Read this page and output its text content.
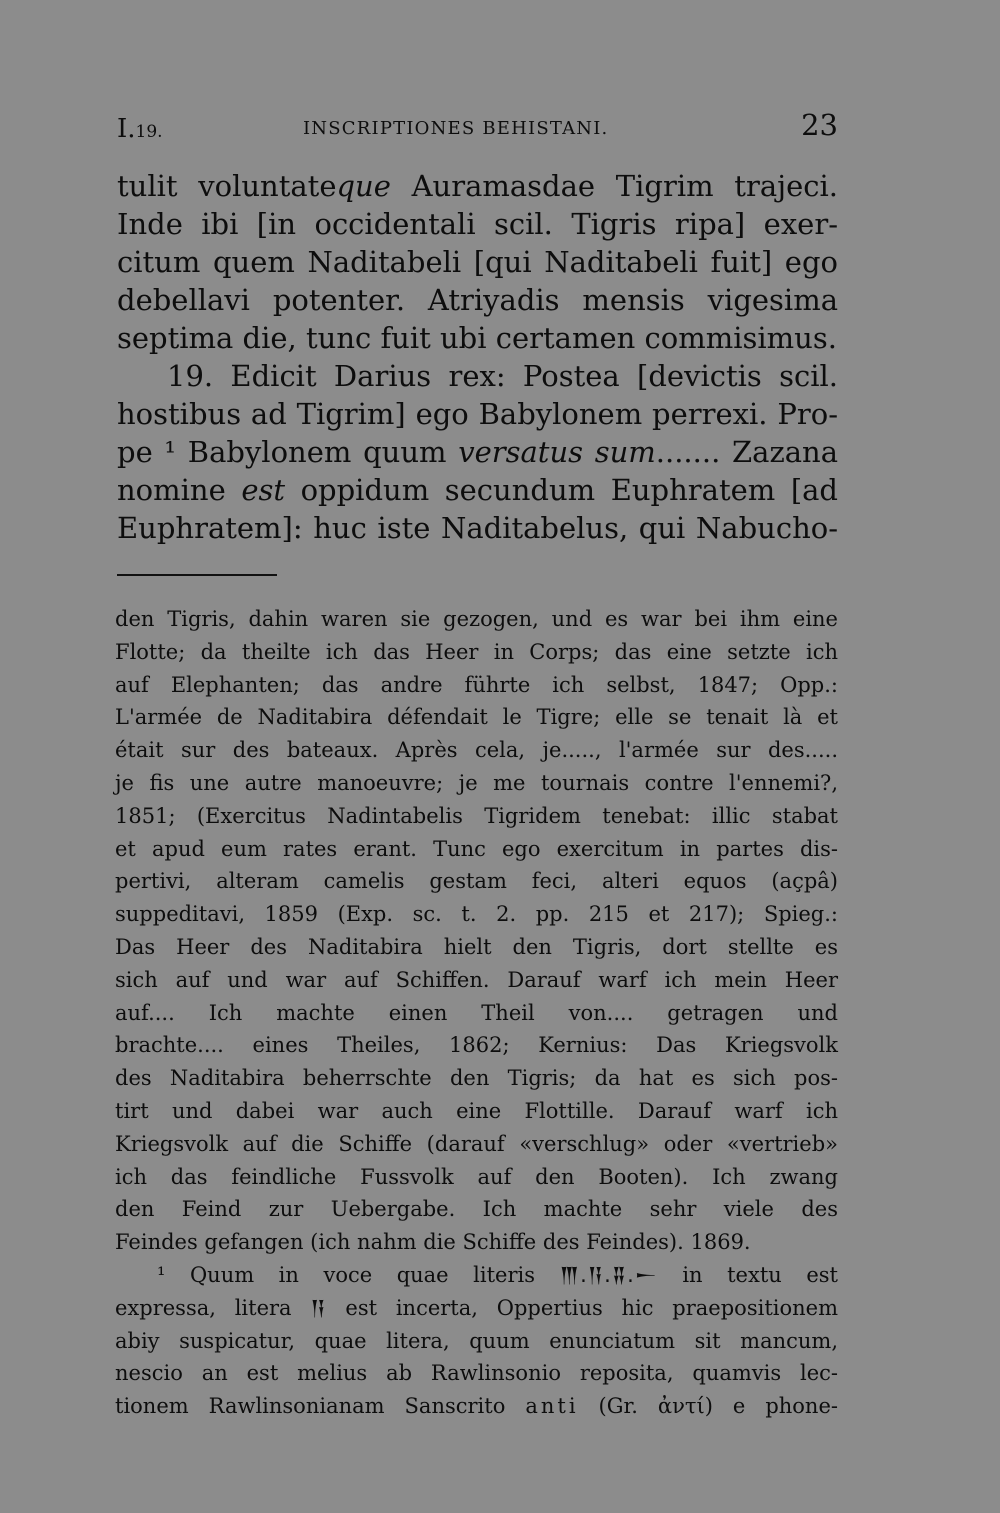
I.19.	INSCRIPTIONES BEHISTANI.	23
tulit voluntateque Auramasdae Tigrim trajeci.
Inde ibi [in occidentali scil. Tigris ripa] exer-
citum quem Naditabeli [qui Naditabeli fuit] ego
debellavi potenter. Atriyadis mensis vigesima
septima die, tunc fuit ubi certamen commisimus.
19. Edicit Darius rex: Postea [devictis scil.
hostibus ad Tigrim] ego Babylonem perrexi. Pro-
pe ¹ Babylonem quum versatus sum....... Zazana
nomine est oppidum secundum Euphratem [ad
Euphratem]: huc iste Naditabelus, qui Nabucho-
den Tigris, dahin waren sie gezogen, und es war bei ihm eine
Flotte; da theilte ich das Heer in Corps; das eine setzte ich
auf Elephanten; das andre führte ich selbst, 1847; Opp.:
L'armée de Naditabira défendait le Tigre; elle se tenait là et
était sur des bateaux. Après cela, je....., l'armée sur des.....
je fis une autre manoeuvre; je me tournais contre l'ennemi?,
1851; (Exercitus Nadintabelis Tigridem tenebat: illic stabat
et apud eum rates erant. Tunc ego exercitum in partes dis-
pertivi, alteram camelis gestam feci, alteri equos (açpâ)
suppeditavi, 1859 (Exp. sc. t. 2. pp. 215 et 217); Spieg.:
Das Heer des Naditabira hielt den Tigris, dort stellte es
sich auf und war auf Schiffen. Darauf warf ich mein Heer
auf.... Ich machte einen Theil von.... getragen und
brachte.... eines Theiles, 1862; Kernius: Das Kriegsvolk
des Naditabira beherrschte den Tigris; da hat es sich pos-
tirt und dabei war auch eine Flottille. Darauf warf ich
Kriegsvolk auf die Schiffe (darauf «verschlug» oder «vertrieb»
ich das feindliche Fussvolk auf den Booten). Ich zwang
den Feind zur Uebergabe. Ich machte sehr viele des
Feindes gefangen (ich nahm die Schiffe des Feindes). 1869.
¹ Quum in voce quae literis 𒐈.𒀀.𒐉.𒀸 in textu est
expressa, litera 𒀀 est incerta, Oppertius hic praepositionem
abiy suspicatur, quae litera, quum enunciatum sit mancum,
nescio an est melius ab Rawlinsonio reposita, quamvis lec-
tionem Rawlinsonianam Sanscrito anti (Gr. ἀντί) e phone-
